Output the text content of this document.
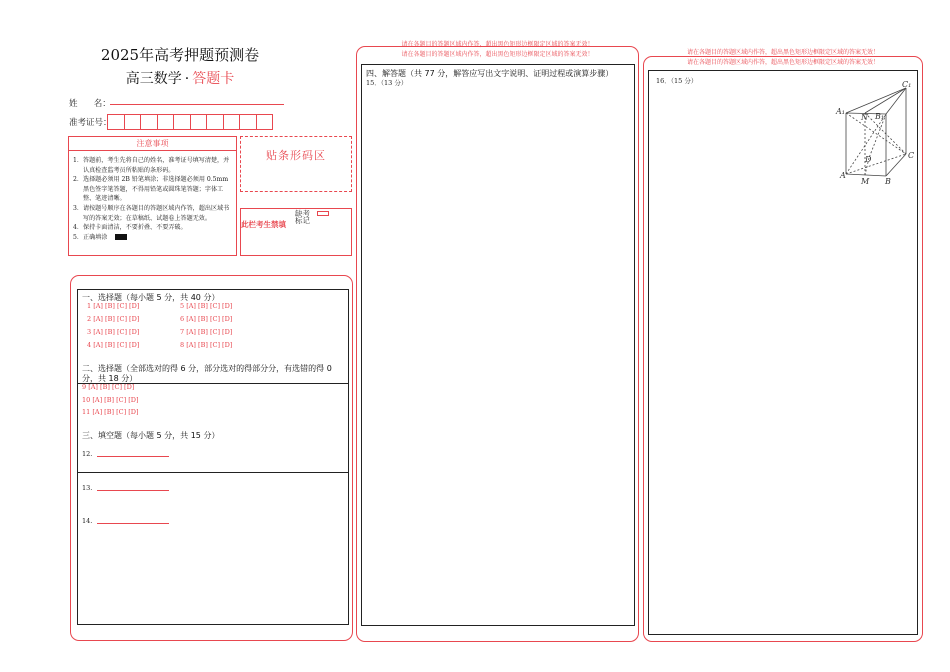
2025年高考押题预测卷
高三数学 · 答题卡
姓      名：
准考证号：
注意事项
1． 答题前，考生先将自己的姓名，准考证号填写清楚，并认真检查监考员所粘贴的条形码。
2． 选择题必须用 2B 铅笔填涂；非选择题必须用 0.5mm 黑色签字笔答题，不得用铅笔或圆珠笔答题；字体工整、笔迹清晰。
3． 请按题号顺序在各题目的答题区域内作答，超出区域书写的答案无效；在草稿纸、试题卷上答题无效。
4． 保持卡面清洁，不要折叠、不要弄破。
5． 正确填涂
贴条形码区
此栏考生禁填
缺考标记
一、选择题（每小题 5 分，共 40 分）
1 [A] [B] [C] [D]
2 [A] [B] [C] [D]
3 [A] [B] [C] [D]
4 [A] [B] [C] [D]
5 [A] [B] [C] [D]
6 [A] [B] [C] [D]
7 [A] [B] [C] [D]
8 [A] [B] [C] [D]
二、选择题（全部选对的得 6 分，部分选对的得部分分，有选错的得 0 分，共 18 分）
9 [A] [B] [C] [D]
10 [A] [B] [C] [D]
11 [A] [B] [C] [D]
三、填空题（每小题 5 分，共 15 分）
12.
13.
14.
请在各题目的答题区域内作答，超出黑色矩形边框限定区域的答案无效！
请在各题目的答题区域内作答，超出黑色矩形边框限定区域的答案无效！
四、解答题（共 77 分，解答应写出文字说明、证明过程或演算步骤）
15．（13 分）
请在各题目的答题区域内作答，超出黑色矩形边框限定区域的答案无效！
请在各题目的答题区域内作答，超出黑色矩形边框限定区域的答案无效！
16．（15 分）	C₁
A₁
N B₁
D	C
A
M B
